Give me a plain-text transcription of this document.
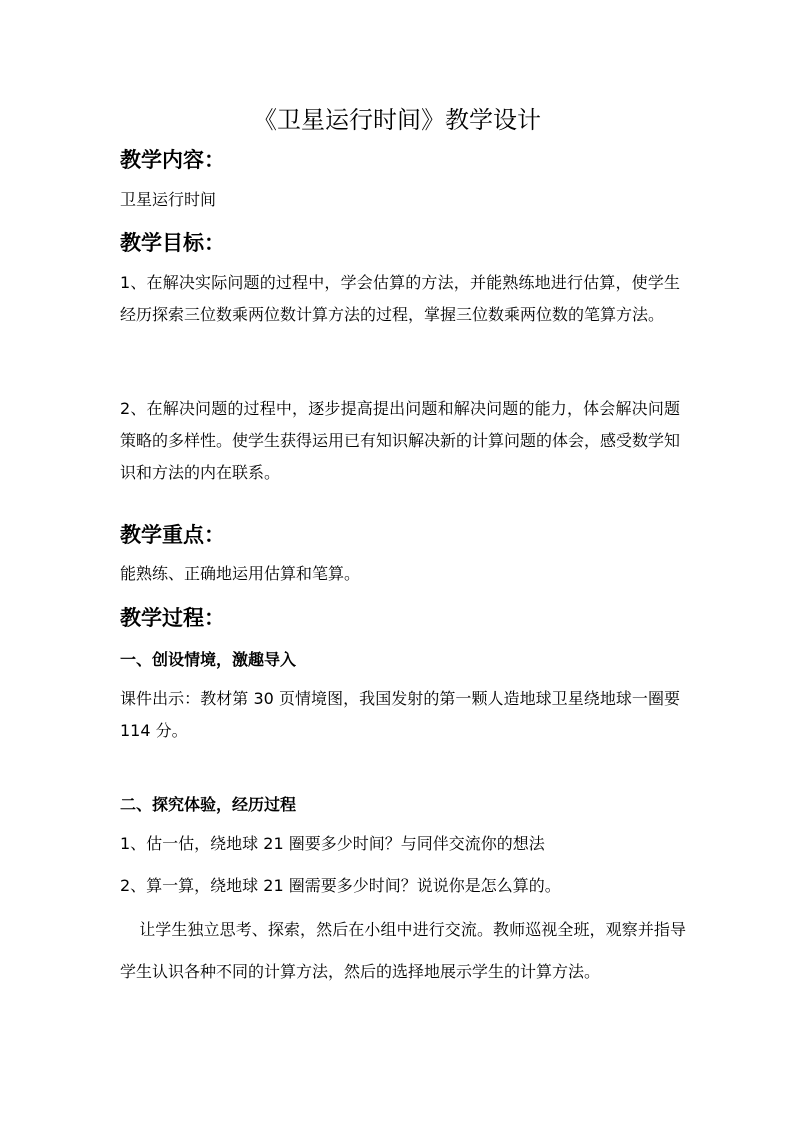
《卫星运行时间》教学设计
教学内容：
卫星运行时间
教学目标：
1、在解决实际问题的过程中，学会估算的方法，并能熟练地进行估算，使学生经历探索三位数乘两位数计算方法的过程，掌握三位数乘两位数的笔算方法。
2、在解决问题的过程中，逐步提高提出问题和解决问题的能力，体会解决问题策略的多样性。使学生获得运用已有知识解决新的计算问题的体会，感受数学知识和方法的内在联系。
教学重点：
能熟练、正确地运用估算和笔算。
教学过程：
一、创设情境，激趣导入
课件出示：教材第 30 页情境图，我国发射的第一颗人造地球卫星绕地球一圈要 114 分。
二、探究体验，经历过程
1、估一估，绕地球 21 圈要多少时间？与同伴交流你的想法
2、算一算，绕地球 21 圈需要多少时间？说说你是怎么算的。
让学生独立思考、探索，然后在小组中进行交流。教师巡视全班，观察并指导学生认识各种不同的计算方法，然后的选择地展示学生的计算方法。
